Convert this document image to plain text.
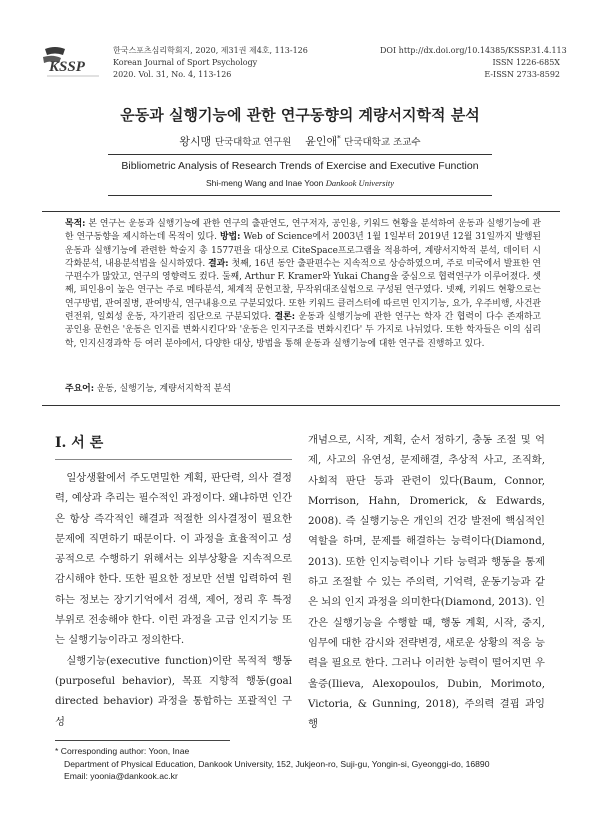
KSSP
한국스포츠심리학회지, 2020, 제31권 제4호, 113-126
Korean Journal of Sport Psychology
2020. Vol. 31, No. 4, 113-126
DOI http://dx.doi.org/10.14385/KSSP.31.4.113
ISSN 1226-685X
E-ISSN 2733-8592
운동과 실행기능에 관한 연구동향의 계량서지학적 분석
왕시맹 단국대학교 연구원 윤인애* 단국대학교 조교수
Bibliometric Analysis of Research Trends of Exercise and Executive Function
Shi-meng Wang and Inae Yoon Dankook University
목적: 본 연구는 운동과 실행기능에 관한 연구의 출판연도, 연구저자, 공인용, 키워드 현황을 분석하여 운동과 실행기능에 관한 연구동향을 제시하는데 목적이 있다. 방법: Web of Science에서 2003년 1월 1일부터 2019년 12월 31일까지 발행된 운동과 실행기능에 관련한 학술지 총 1577편을 대상으로 CiteSpace프로그램을 적용하여, 계량서지학적 분석, 데이터 시각화분석, 내용분석법을 실시하였다. 결과: 첫째, 16년 동안 출판편수는 지속적으로 상승하였으며, 주로 미국에서 발표한 연구편수가 많았고, 연구의 영향력도 컸다. 둘째, Arthur F. Kramer와 Yukai Chang을 중심으로 협력연구가 이루어졌다. 셋째, 피인용이 높은 연구는 주로 메타분석, 체계적 문헌고찰, 무작위대조실험으로 구성된 연구였다. 넷째, 키워드 현황으로는 연구방법, 관여질병, 관여방식, 연구내용으로 구분되었다. 또한 키워드 클러스터에 따르면 인지기능, 요가, 우주비행, 사건관련전위, 일회성 운동, 자기관리 집단으로 구분되었다. 결론: 운동과 실행기능에 관한 연구는 학자 간 협력이 다수 존재하고 공인용 문헌은 '운동은 인지를 변화시킨다'와 '운동은 인지구조를 변화시킨다' 두 가지로 나뉘었다. 또한 학자들은 이의 심리학, 인지신경과학 등 여러 분야에서, 다양한 대상, 방법을 통해 운동과 실행기능에 대한 연구를 진행하고 있다.
주요어: 운동, 실행기능, 계량서지학적 분석
I. 서 론

일상생활에서 주도면밀한 계획, 판단력, 의사 결정력, 예상과 추리는 필수적인 과정이다. 왜냐하면 인간은 항상 즉각적인 해결과 적절한 의사결정이 필요한 문제에 직면하기 때문이다. 이 과정을 효율적이고 성공적으로 수행하기 위해서는 외부상황을 지속적으로 감시해야 한다. 또한 필요한 정보만 선별 입력하여 원하는 정보는 장기기억에서 검색, 제어, 정리 후 특정 부위로 전송해야 한다. 이런 과정을 고급 인지기능 또는 실행기능이라고 정의한다.

실행기능(executive function)이란 목적적 행동(purposeful behavior), 목표 지향적 행동(goal directed behavior) 과정을 통합하는 포괄적인 구성

개념으로, 시작, 계획, 순서 정하기, 충동 조절 및 억제, 사고의 유연성, 문제해결, 추상적 사고, 조직화, 사회적 판단 등과 관련이 있다(Baum, Connor, Morrison, Hahn, Dromerick, & Edwards, 2008). 즉 실행기능은 개인의 건강 발전에 핵심적인 역할을 하며, 문제를 해결하는 능력이다(Diamond, 2013). 또한 인지능력이나 기타 능력과 행동을 통제하고 조절할 수 있는 주의력, 기억력, 운동기능과 같은 뇌의 인지 과정을 의미한다(Diamond, 2013). 인간은 실행기능을 수행할 때, 행동 계획, 시작, 중지, 임무에 대한 감시와 전략변경, 새로운 상황의 적응 능력을 필요로 한다. 그러나 이러한 능력이 떨어지면 우울증(Ilieva, Alexopoulos, Dubin, Morimoto, Victoria, & Gunning, 2018), 주의력 결핍 과잉 행

* Corresponding author: Yoon, Inae
Department of Physical Education, Dankook University, 152, Jukjeon-ro, Suji-gu, Yongin-si, Gyeonggi-do, 16890
Email: yoonia@dankook.ac.kr
